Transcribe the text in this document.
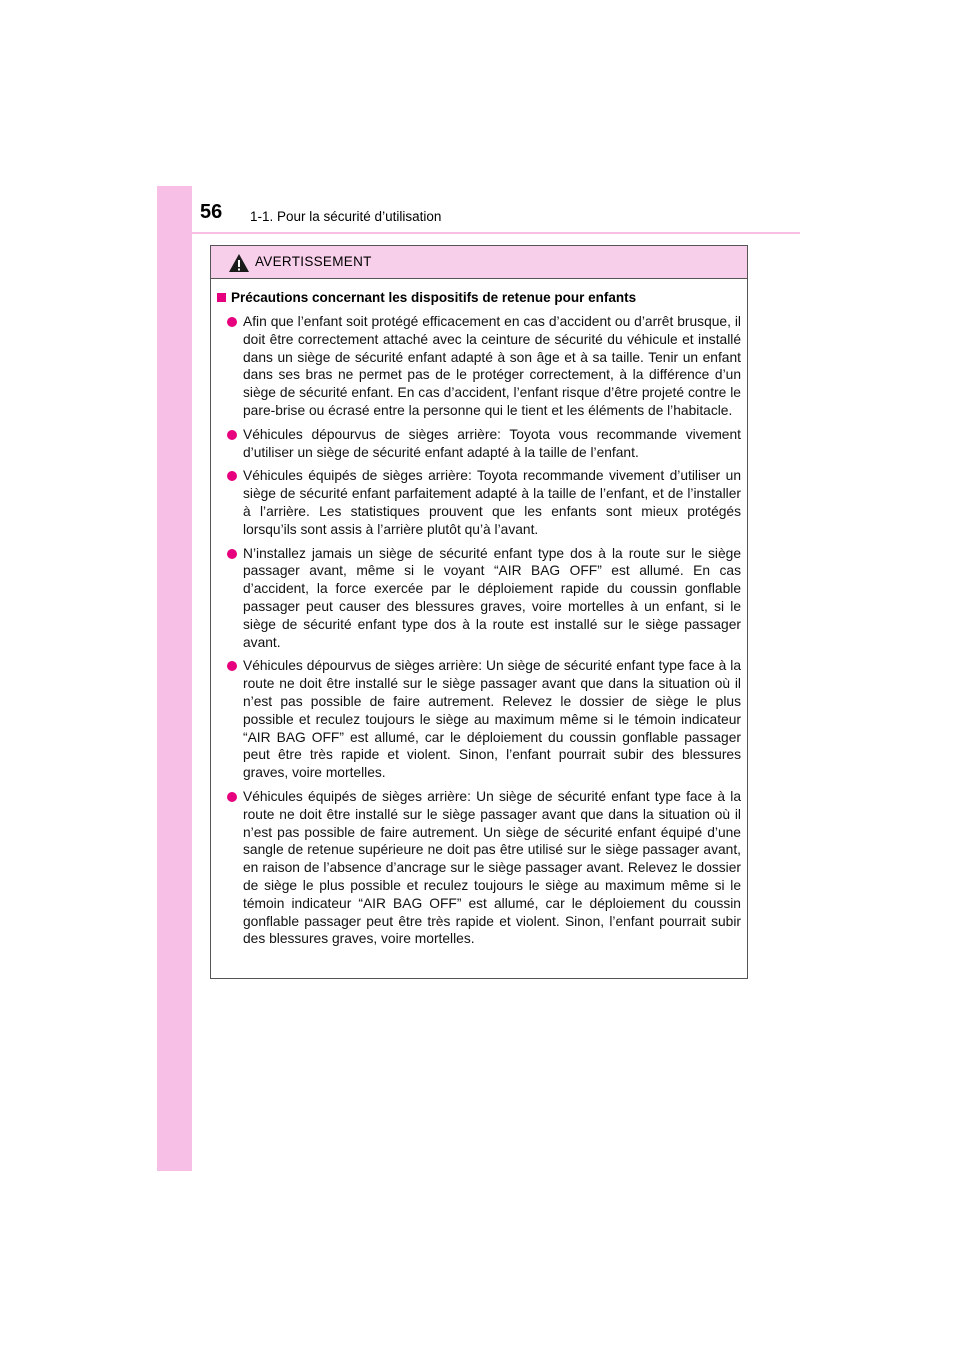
56 1-1. Pour la sécurité d’utilisation
AVERTISSEMENT
Précautions concernant les dispositifs de retenue pour enfants
Afin que l’enfant soit protégé efficacement en cas d’accident ou d’arrêt brusque, il doit être correctement attaché avec la ceinture de sécurité du véhicule et installé dans un siège de sécurité enfant adapté à son âge et à sa taille. Tenir un enfant dans ses bras ne permet pas de le protéger correctement, à la différence d’un siège de sécurité enfant. En cas d’accident, l’enfant risque d’être projeté contre le pare-brise ou écrasé entre la personne qui le tient et les éléments de l’habitacle.
Véhicules dépourvus de sièges arrière: Toyota vous recommande vivement d’utiliser un siège de sécurité enfant adapté à la taille de l’enfant.
Véhicules équipés de sièges arrière: Toyota recommande vivement d’utiliser un siège de sécurité enfant parfaitement adapté à la taille de l’enfant, et de l’installer à l’arrière. Les statistiques prouvent que les enfants sont mieux protégés lorsqu’ils sont assis à l’arrière plutôt qu’à l’avant.
N’installez jamais un siège de sécurité enfant type dos à la route sur le siège passager avant, même si le voyant “AIR BAG OFF” est allumé. En cas d’accident, la force exercée par le déploiement rapide du coussin gonflable passager peut causer des blessures graves, voire mortelles à un enfant, si le siège de sécurité enfant type dos à la route est installé sur le siège passager avant.
Véhicules dépourvus de sièges arrière: Un siège de sécurité enfant type face à la route ne doit être installé sur le siège passager avant que dans la situation où il n’est pas possible de faire autrement. Relevez le dossier de siège le plus possible et reculez toujours le siège au maximum même si le témoin indicateur “AIR BAG OFF” est allumé, car le déploiement du coussin gonflable passager peut être très rapide et violent. Sinon, l’enfant pourrait subir des blessures graves, voire mortelles.
Véhicules équipés de sièges arrière: Un siège de sécurité enfant type face à la route ne doit être installé sur le siège passager avant que dans la situation où il n’est pas possible de faire autrement. Un siège de sécurité enfant équipé d’une sangle de retenue supérieure ne doit pas être utilisé sur le siège passager avant, en raison de l’absence d’ancrage sur le siège passager avant. Relevez le dossier de siège le plus possible et reculez toujours le siège au maximum même si le témoin indicateur “AIR BAG OFF” est allumé, car le déploiement du coussin gonflable passager peut être très rapide et violent. Sinon, l’enfant pourrait subir des blessures graves, voire mortelles.
